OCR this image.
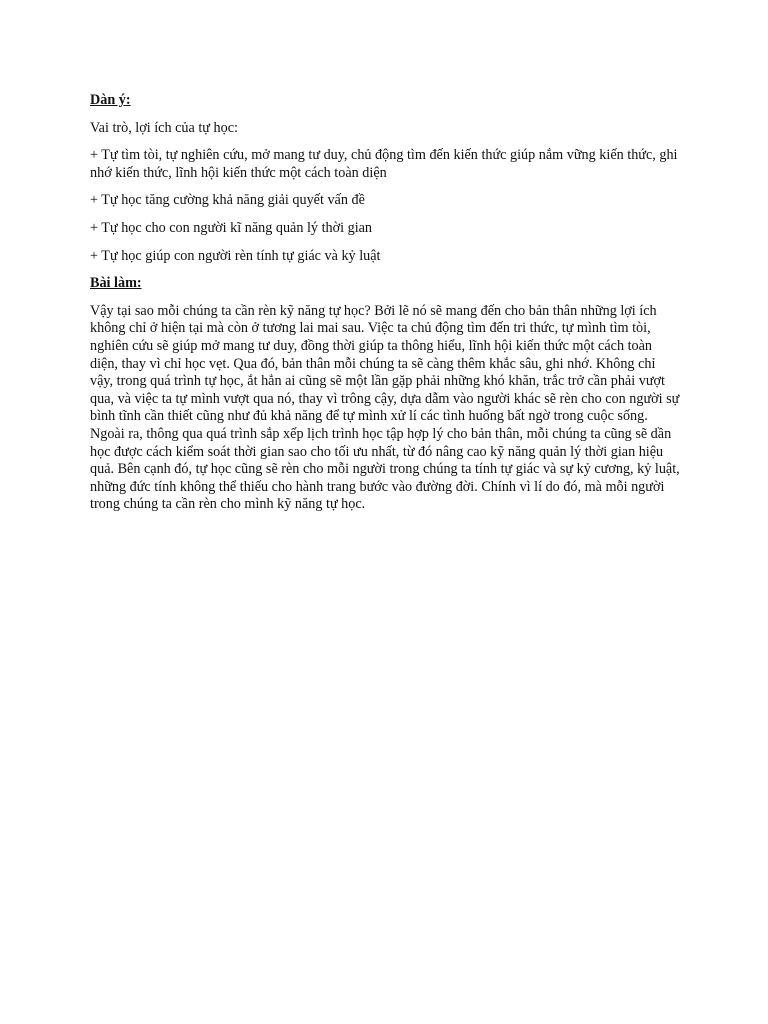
Dàn ý:

Vai trò, lợi ích của tự học:

+ Tự tìm tòi, tự nghiên cứu, mở mang tư duy, chủ động tìm đến kiến thức giúp nắm vững kiến thức, ghi nhớ kiến thức, lĩnh hội kiến thức một cách toàn diện

+ Tự học tăng cường khả năng giải quyết vấn đề

+ Tự học cho con người kĩ năng quản lý thời gian

+ Tự học giúp con người rèn tính tự giác và kỷ luật

Bài làm:

Vậy tại sao mỗi chúng ta cần rèn kỹ năng tự học? Bởi lẽ nó sẽ mang đến cho bản thân những lợi ích không chỉ ở hiện tại mà còn ở tương lai mai sau. Việc ta chủ động tìm đến tri thức, tự mình tìm tòi, nghiên cứu sẽ giúp mở mang tư duy, đồng thời giúp ta thông hiểu, lĩnh hội kiến thức một cách toàn diện, thay vì chỉ học vẹt. Qua đó, bản thân mỗi chúng ta sẽ càng thêm khắc sâu, ghi nhớ. Không chỉ vậy, trong quá trình tự học, ắt hẳn ai cũng sẽ một lần gặp phải những khó khăn, trắc trở cần phải vượt qua, và việc ta tự mình vượt qua nó, thay vì trông cậy, dựa dẫm vào người khác sẽ rèn cho con người sự bình tĩnh cần thiết cũng như đủ khả năng để tự mình xử lí các tình huống bất ngờ trong cuộc sống. Ngoài ra, thông qua quá trình sắp xếp lịch trình học tập hợp lý cho bản thân, mỗi chúng ta cũng sẽ dần học được cách kiểm soát thời gian sao cho tối ưu nhất, từ đó nâng cao kỹ năng quản lý thời gian hiệu quả. Bên cạnh đó, tự học cũng sẽ rèn cho mỗi người trong chúng ta tính tự giác và sự kỷ cương, kỷ luật, những đức tính không thể thiếu cho hành trang bước vào đường đời. Chính vì lí do đó, mà mỗi người trong chúng ta cần rèn cho mình kỹ năng tự học.
